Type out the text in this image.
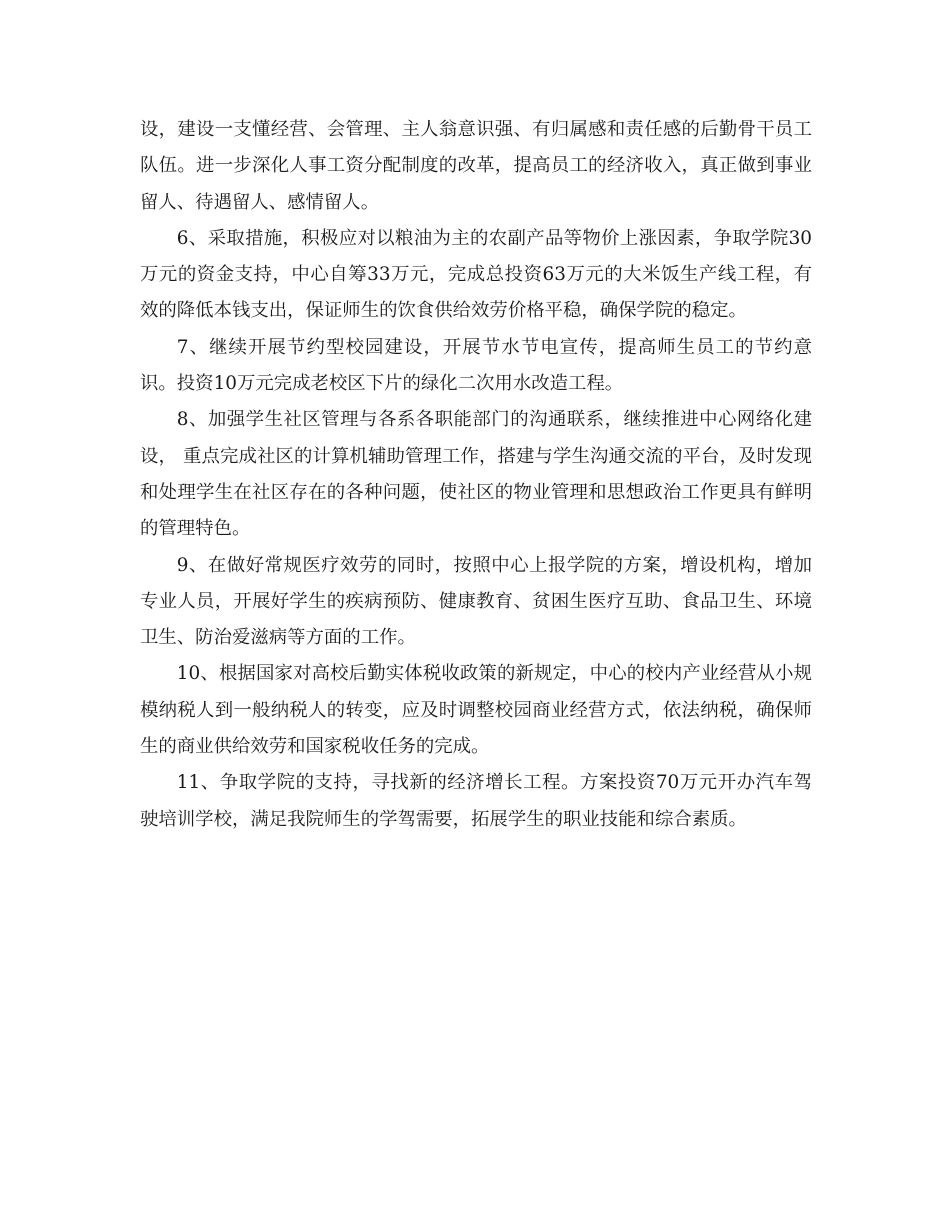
设，建设一支懂经营、会管理、主人翁意识强、有归属感和责任感的后勤骨干员工队伍。进一步深化人事工资分配制度的改革，提高员工的经济收入，真正做到事业留人、待遇留人、感情留人。

6、采取措施，积极应对以粮油为主的农副产品等物价上涨因素，争取学院30万元的资金支持，中心自筹33万元，完成总投资63万元的大米饭生产线工程，有效的降低本钱支出，保证师生的饮食供给效劳价格平稳，确保学院的稳定。

7、继续开展节约型校园建设，开展节水节电宣传，提高师生员工的节约意识。投资10万元完成老校区下片的绿化二次用水改造工程。

8、加强学生社区管理与各系各职能部门的沟通联系，继续推进中心网络化建设， 重点完成社区的计算机辅助管理工作，搭建与学生沟通交流的平台，及时发现和处理学生在社区存在的各种问题，使社区的物业管理和思想政治工作更具有鲜明的管理特色。

9、在做好常规医疗效劳的同时，按照中心上报学院的方案，增设机构，增加专业人员，开展好学生的疾病预防、健康教育、贫困生医疗互助、食品卫生、环境卫生、防治爱滋病等方面的工作。

10、根据国家对高校后勤实体税收政策的新规定，中心的校内产业经营从小规模纳税人到一般纳税人的转变，应及时调整校园商业经营方式，依法纳税，确保师生的商业供给效劳和国家税收任务的完成。

11、争取学院的支持，寻找新的经济增长工程。方案投资70万元开办汽车驾驶培训学校，满足我院师生的学驾需要，拓展学生的职业技能和综合素质。
